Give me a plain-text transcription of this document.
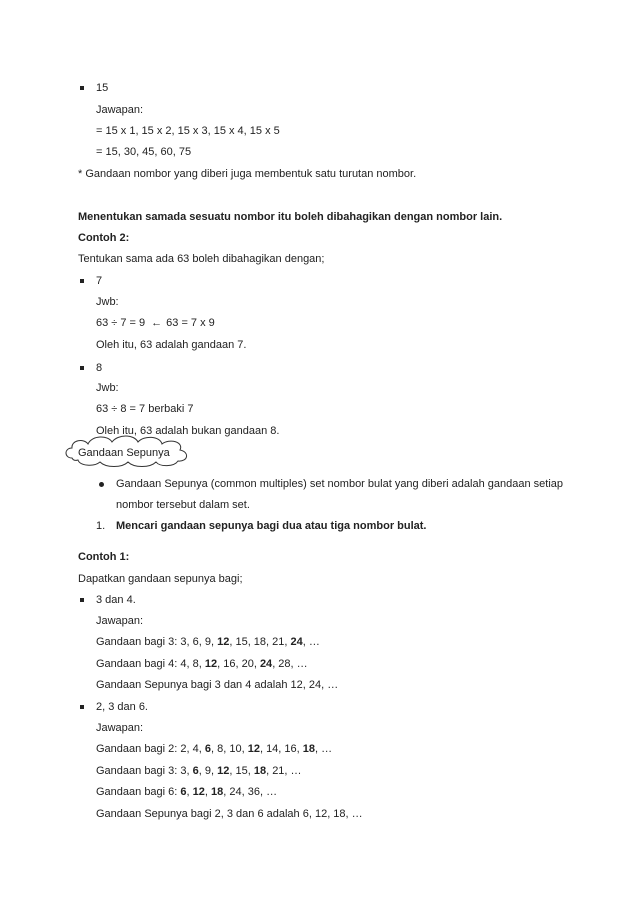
15
Jawapan:
= 15 x 1, 15 x 2, 15 x 3, 15 x 4, 15 x 5
= 15, 30, 45, 60, 75
* Gandaan nombor yang diberi juga membentuk satu turutan nombor.
Menentukan samada sesuatu nombor itu boleh dibahagikan dengan nombor lain.
Contoh 2:
Tentukan sama ada 63 boleh dibahagikan dengan;
7
Jwb:
63 ÷ 7 = 9 ← 63 = 7 x 9
Oleh itu, 63 adalah gandaan 7.
8
Jwb:
63 ÷ 8 = 7 berbaki 7
Oleh itu, 63 adalah bukan gandaan 8.
Gandaan Sepunya
Gandaan Sepunya (common multiples) set nombor bulat yang diberi adalah gandaan setiap
nombor tersebut dalam set.
1. Mencari gandaan sepunya bagi dua atau tiga nombor bulat.
Contoh 1:
Dapatkan gandaan sepunya bagi;
3 dan 4.
Jawapan:
Gandaan bagi 3: 3, 6, 9, 12, 15, 18, 21, 24, …
Gandaan bagi 4: 4, 8, 12, 16, 20, 24, 28, …
Gandaan Sepunya bagi 3 dan 4 adalah 12, 24, …
2, 3 dan 6.
Jawapan:
Gandaan bagi 2: 2, 4, 6, 8, 10, 12, 14, 16, 18, …
Gandaan bagi 3: 3, 6, 9, 12, 15, 18, 21, …
Gandaan bagi 6: 6, 12, 18, 24, 36, …
Gandaan Sepunya bagi 2, 3 dan 6 adalah 6, 12, 18, …
